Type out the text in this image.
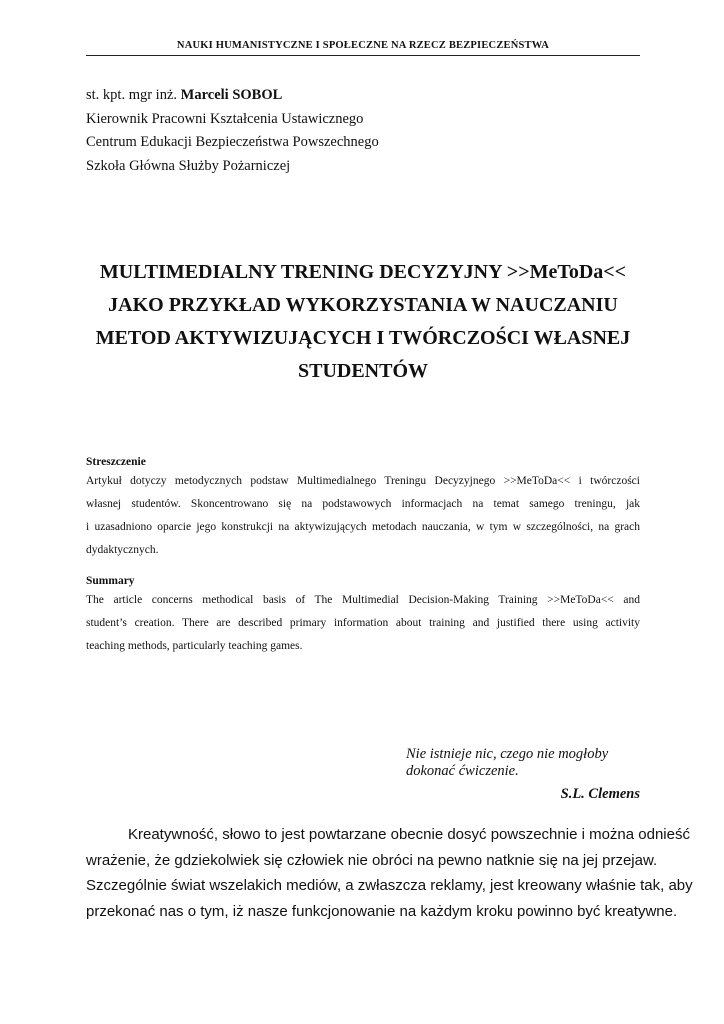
NAUKI HUMANISTYCZNE I SPOŁECZNE NA RZECZ BEZPIECZEŃSTWA
st. kpt. mgr inż. Marceli SOBOL
Kierownik Pracowni Kształcenia Ustawicznego
Centrum Edukacji Bezpieczeństwa Powszechnego
Szkoła Główna Służby Pożarniczej
MULTIMEDIALNY TRENING DECYZYJNY >>MeToDa<<
JAKO PRZYKŁAD WYKORZYSTANIA W NAUCZANIU
METOD AKTYWIZUJĄCYCH I TWÓRCZOŚCI WŁASNEJ
STUDENTÓW
Streszczenie
Artykuł dotyczy metodycznych podstaw Multimedialnego Treningu Decyzyjnego >>MeToDa<< i twórczości
własnej studentów. Skoncentrowano się na podstawowych informacjach na temat samego treningu, jak
i uzasadniono oparcie jego konstrukcji na aktywizujących metodach nauczania, w tym w szczególności, na grach
dydaktycznych.
Summary
The article concerns methodical basis of The Multimedial Decision-Making Training >>MeToDa<< and
student’s creation. There are described primary information about training and justified there using activity
teaching methods, particularly teaching games.
Nie istnieje nic, czego nie mogłoby
dokonać ćwiczenie.
S.L. Clemens
Kreatywność, słowo to jest powtarzane obecnie dosyć powszechnie i można odnieść
wrażenie, że gdziekolwiek się człowiek nie obróci na pewno natknie się na jej przejaw.
Szczególnie świat wszelakich mediów, a zwłaszcza reklamy, jest kreowany właśnie tak, aby
przekonać nas o tym, iż nasze funkcjonowanie na każdym kroku powinno być kreatywne.
